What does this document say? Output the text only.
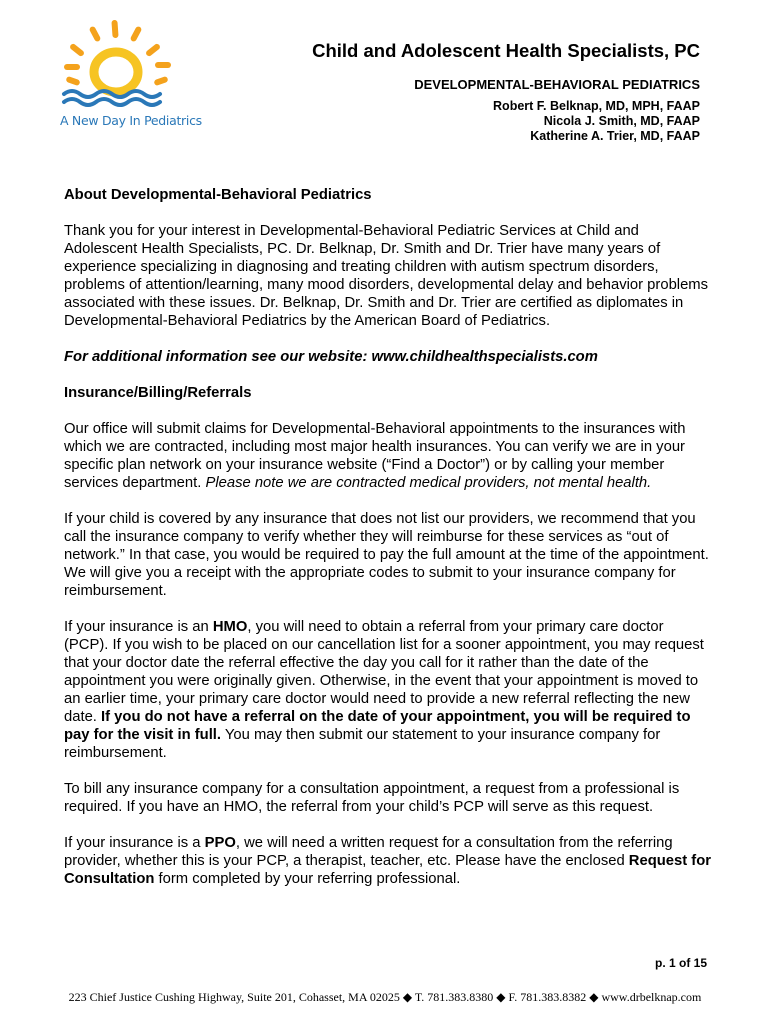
A New Day In Pediatrics
Child and Adolescent Health Specialists, PC
DEVELOPMENTAL-BEHAVIORAL PEDIATRICS
Robert F. Belknap, MD, MPH, FAAP
Nicola J. Smith, MD, FAAP
Katherine A. Trier, MD, FAAP
About Developmental-Behavioral Pediatrics

Thank you for your interest in Developmental-Behavioral Pediatric Services at Child and Adolescent Health Specialists, PC. Dr. Belknap, Dr. Smith and Dr. Trier have many years of experience specializing in diagnosing and treating children with autism spectrum disorders, problems of attention/learning, many mood disorders, developmental delay and behavior problems associated with these issues. Dr. Belknap, Dr. Smith and Dr. Trier are certified as diplomates in Developmental-Behavioral Pediatrics by the American Board of Pediatrics.

For additional information see our website: www.childhealthspecialists.com

Insurance/Billing/Referrals

Our office will submit claims for Developmental-Behavioral appointments to the insurances with which we are contracted, including most major health insurances. You can verify we are in your specific plan network on your insurance website (“Find a Doctor”) or by calling your member services department. Please note we are contracted medical providers, not mental health.

If your child is covered by any insurance that does not list our providers, we recommend that you call the insurance company to verify whether they will reimburse for these services as “out of network.” In that case, you would be required to pay the full amount at the time of the appointment. We will give you a receipt with the appropriate codes to submit to your insurance company for reimbursement.

If your insurance is an HMO, you will need to obtain a referral from your primary care doctor (PCP). If you wish to be placed on our cancellation list for a sooner appointment, you may request that your doctor date the referral effective the day you call for it rather than the date of the appointment you were originally given. Otherwise, in the event that your appointment is moved to an earlier time, your primary care doctor would need to provide a new referral reflecting the new date. If you do not have a referral on the date of your appointment, you will be required to pay for the visit in full. You may then submit our statement to your insurance company for reimbursement.

To bill any insurance company for a consultation appointment, a request from a professional is required. If you have an HMO, the referral from your child’s PCP will serve as this request.

If your insurance is a PPO, we will need a written request for a consultation from the referring provider, whether this is your PCP, a therapist, teacher, etc. Please have the enclosed Request for Consultation form completed by your referring professional.

p. 1 of 15
223 Chief Justice Cushing Highway, Suite 201, Cohasset, MA 02025 ◆ T. 781.383.8380 ◆ F. 781.383.8382 ◆ www.drbelknap.com
